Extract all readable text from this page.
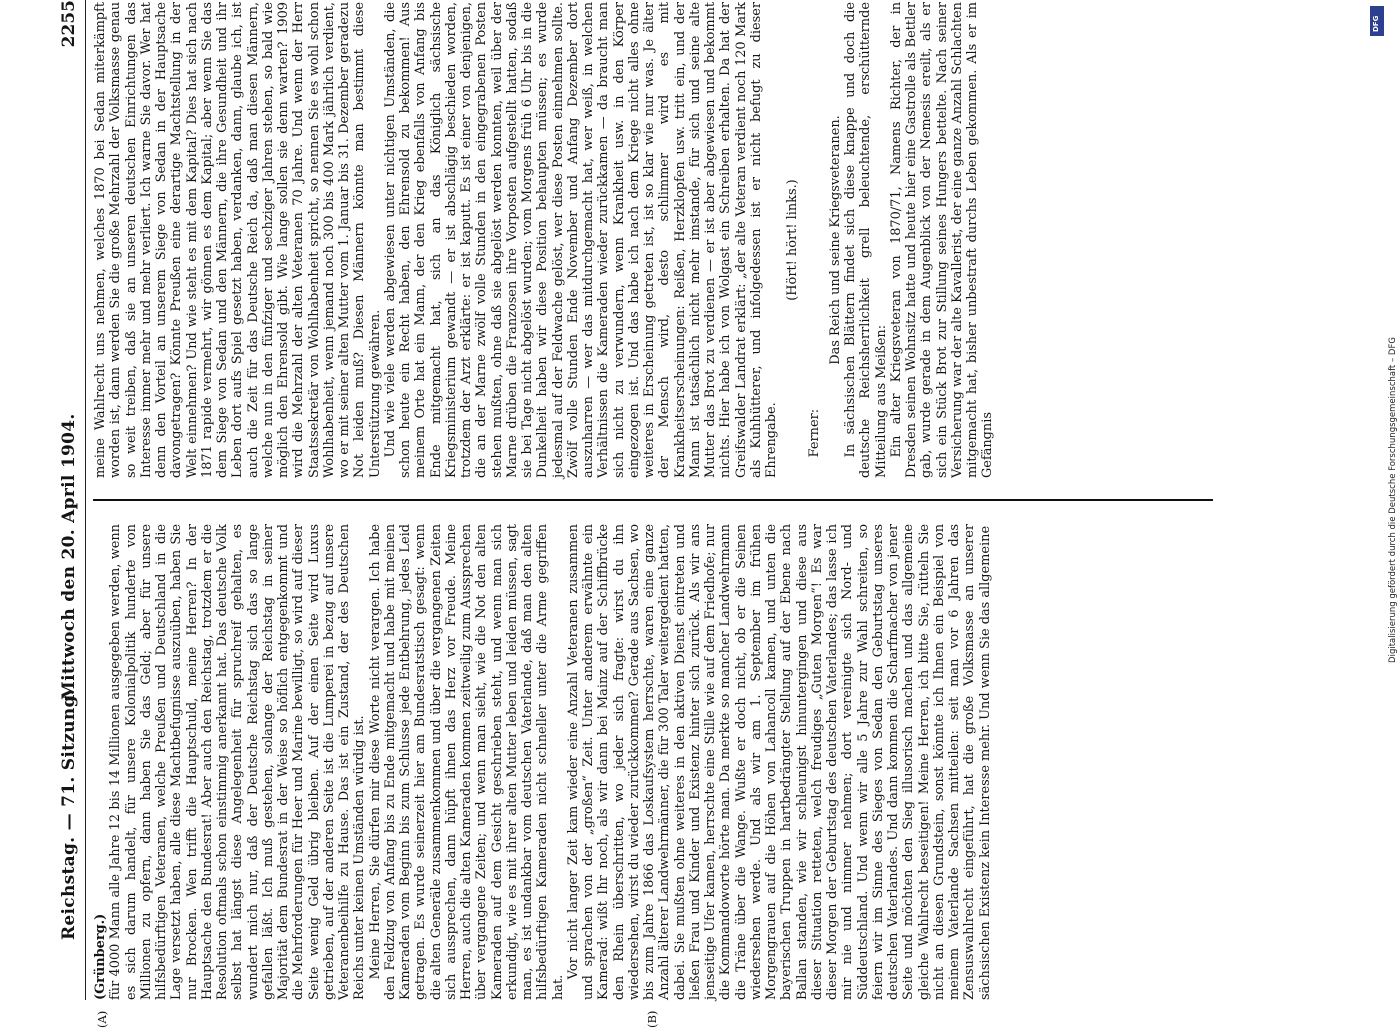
Reichstag. — 71. Sitzung.
Mittwoch den 20. April 1904.
2255
(A)	(B)

(Grünberg.) für 4000 Mann alle Jahre 12 bis 14 Millionen ausgegeben werden, wenn es sich darum handelt, für unsere Kolonialpolitik hunderte von Millionen zu opfern, dann haben Sie das Geld; aber für unsere hilfsbedürftigen Veteranen, welche Preußen und Deutschland in die Lage versetzt haben, alle diese Machtbefugnisse auszuüben, haben Sie nur Brocken. Wen trifft die Hauptschuld, meine Herren? In der Hauptsache den Bundesrat! Aber auch den Reichstag, trotzdem er die Resolution oftmals schon einstimmig anerkannt hat. Das deutsche Volk selbst hat längst diese Angelegenheit für spruchreif gehalten, es wundert mich nur, daß der Deutsche Reichstag sich das so lange gefallen läßt. Ich muß gestehen, solange der Reichstag in seiner Majorität dem Bundesrat in der Weise so höflich entgegenkommt und die Mehrforderungen für Heer und Marine bewilligt, so wird auf dieser Seite wenig Geld übrig bleiben. Auf der einen Seite wird Luxus getrieben, auf der anderen Seite ist die Lumperei in bezug auf unsere Veteranenbeihilfe zu Hause. Das ist ein Zustand, der des Deutschen Reichs unter keinen Umständen würdig ist. Meine Herren, Sie dürfen mir diese Worte nicht verargen. Ich habe den Feldzug von Anfang bis zu Ende mitgemacht und habe mit meinen Kameraden vom Beginn bis zum Schlusse jede Entbehrung, jedes Leid getragen. Es wurde seinerzeit hier am Bundesratstisch gesagt: wenn die alten Generäle zusammenkommen und über die vergangenen Zeiten sich aussprechen, dann hüpft ihnen das Herz vor Freude. Meine Herren, auch die alten Kameraden kommen zeitweilig zum Aussprechen über vergangene Zeiten; und wenn man sieht, wie die Not den alten Kameraden auf dem Gesicht geschrieben steht, und wenn man sich erkundigt, wie es mit ihrer alten Mutter leben und leiden müssen, sagt man, es ist undankbar vom deutschen Vaterlande, daß man den alten hilfsbedürftigen Kameraden nicht schneller unter die Arme gegriffen hat.

Vor nicht langer Zeit kam wieder eine Anzahl Veteranen zusammen und sprachen von der „großen“ Zeit. Unter anderem erwähnte ein Kamerad: wißt Ihr noch, als wir dann bei Mainz auf der Schiffbrücke den Rhein überschritten, wo jeder sich fragte: wirst du ihn wiedersehen, wirst du wieder zurückkommen? Gerade aus Sachsen, wo bis zum Jahre 1866 das Loskaufsystem herrschte, waren eine ganze Anzahl älterer Landwehrmänner, die für 300 Taler weitergedient hatten, dabei. Sie mußten ohne weiteres in den aktiven Dienst eintreten und ließen Frau und Kinder und Existenz hinter sich zurück. Als wir ans jenseitige Ufer kamen, herrschte eine Stille wie auf dem Friedhofe; nur die Kommandoworte hörte man. Da merkte so mancher Landwehrmann die Träne über die Wange. Wußte er doch nicht, ob er die Seinen wiedersehen werde. Und als wir am 1. September im frühen Morgengrauen auf die Höhen von Lahancoll kamen, und unten die bayerischen Truppen in hartbedrängter Stellung auf der Ebene nach Ballan standen, wie wir schleunigst hinuntergingen und diese aus dieser Situation retteten, welch freudiges „Guten Morgen“! Es war dieser Morgen der Geburtstag des deutschen Vaterlandes; das lasse ich mir nie und nimmer nehmen; dort vereinigte sich Nord- und Süddeutschland. Und wenn wir alle 5 Jahre zur Wahl schreiten, so feiern wir im Sinne des Sieges von Sedan den Geburtstag unseres deutschen Vaterlandes. Und dann kommen die Scharfmacher von jener Seite und möchten den Sieg illusorisch machen und das allgemeine gleiche Wahlrecht beseitigen! Meine Herren, ich bitte Sie, rütteln Sie nicht an diesen Grundstein, sonst könnte ich Ihnen ein Beispiel von meinem Vaterlande Sachsen mitteilen: seit man vor 6 Jahren das Zensuswahlrecht eingeführt, hat die große Volksmasse an unserer sächsischen Existenz kein Interesse mehr. Und wenn Sie das allgemeine

meine Wahlrecht uns nehmen, welches 1870 bei Sedan miterkämpft worden ist, dann werden Sie die große Mehrzahl der Volksmasse genau so weit treiben, daß sie an unseren deutschen Einrichtungen das Interesse immer mehr und mehr verliert. Ich warne Sie davor. Wer hat denn den Vorteil an unserem Siege von Sedan in der Hauptsache davongetragen? Könnte Preußen eine derartige Machtstellung in der Welt einnehmen? Und wie steht es mit dem Kapital? Dies hat sich nach 1871 rapide vermehrt, wir gönnen es dem Kapital; aber wenn Sie das dem Siege von Sedan und den Männern, die ihre Gesundheit und ihr Leben dort aufs Spiel gesetzt haben, verdanken, dann, glaube ich, ist auch die Zeit für das Deutsche Reich da, daß man diesen Männern, welche nun in den fünfziger und sechziger Jahren stehen, so bald wie möglich den Ehrensold gibt. Wie lange sollen sie denn warten? 1909 wird die Mehrzahl der alten Veteranen 70 Jahre. Und wenn der Herr Staatssekretär von Wohlhabenheit spricht, so nennen Sie es wohl schon Wohlhabenheit, wenn jemand noch 300 bis 400 Mark jährlich verdient, wo er mit seiner alten Mutter vom 1. Januar bis 31. Dezember geradezu Not leiden muß? Diesen Männern könnte man bestimmt diese Unterstützung gewähren. Und wie viele werden abgewiesen unter nichtigen Umständen, die schon heute ein Recht haben, den Ehrensold zu bekommen! Aus meinem Orte hat ein Mann, der den Krieg ebenfalls von Anfang bis Ende mitgemacht hat, sich an das Königlich sächsische Kriegsministerium gewandt — er ist abschlägig beschieden worden, trotzdem der Arzt erklärte: er ist kaputt. Es ist einer von denjenigen, die an der Marne zwölf volle Stunden in den eingegrabenen Posten stehen mußten, ohne daß sie abgelöst werden konnten, weil über der Marne drüben die Franzosen ihre Vorposten aufgestellt hatten, sodaß sie bei Tage nicht abgelöst wurden; vom Morgens früh 6 Uhr bis in die Dunkelheit haben wir diese Position behaupten müssen; es wurde jedesmal auf der Feldwache gelöst, wer diese Posten einnehmen sollte. Zwölf volle Stunden Ende November und Anfang Dezember dort auszuharren — wer das mitdurchgemacht hat, wer weiß, in welchen Verhältnissen die Kameraden wieder zurückkamen — da braucht man sich nicht zu verwundern, wenn Krankheit usw. in den Körper eingezogen ist. Und das habe ich nach dem Kriege nicht alles ohne weiteres in Erscheinung getreten ist, ist so klar wie nur was. Je älter der Mensch wird, desto schlimmer wird es mit Krankheitserscheinungen: Reißen, Herzklopfen usw. tritt ein, und der Mann ist tatsächlich nicht mehr imstande, für sich und seine alte Mutter das Brot zu verdienen — er ist aber abgewiesen und bekommt nichts. Hier habe ich von Wolgast ein Schreiben erhalten. Da hat der Greifswalder Landrat erklärt: „der alte Veteran verdient noch 120 Mark als Kuhhütterer, und infolgedessen ist er nicht befugt zu dieser Ehrengabe.

(Hört! hört! links.)

Ferner:

Das Reich und seine Kriegsveteranen. In sächsischen Blättern findet sich diese knappe und doch die deutsche Reichsherrlichkeit grell beleuchtende, erschütternde Mitteilung aus Meißen: Ein alter Kriegsveteran von 1870/71, Namens Richter, der in Dresden seinen Wohnsitz hatte und heute hier eine Gastrolle als Bettler gab, wurde gerade in dem Augenblick von der Nemesis ereilt, als er sich ein Stück Brot zur Stillung seines Hungers bettelte. Nach seiner Versicherung war der alte Kavallerist, der eine ganze Anzahl Schlachten mitgemacht hat, bisher unbestraft durchs Leben gekommen. Als er im Gefängnis

DFG
Digitalisierung gefördert durch die Deutsche Forschungsgemeinschaft – DFG
